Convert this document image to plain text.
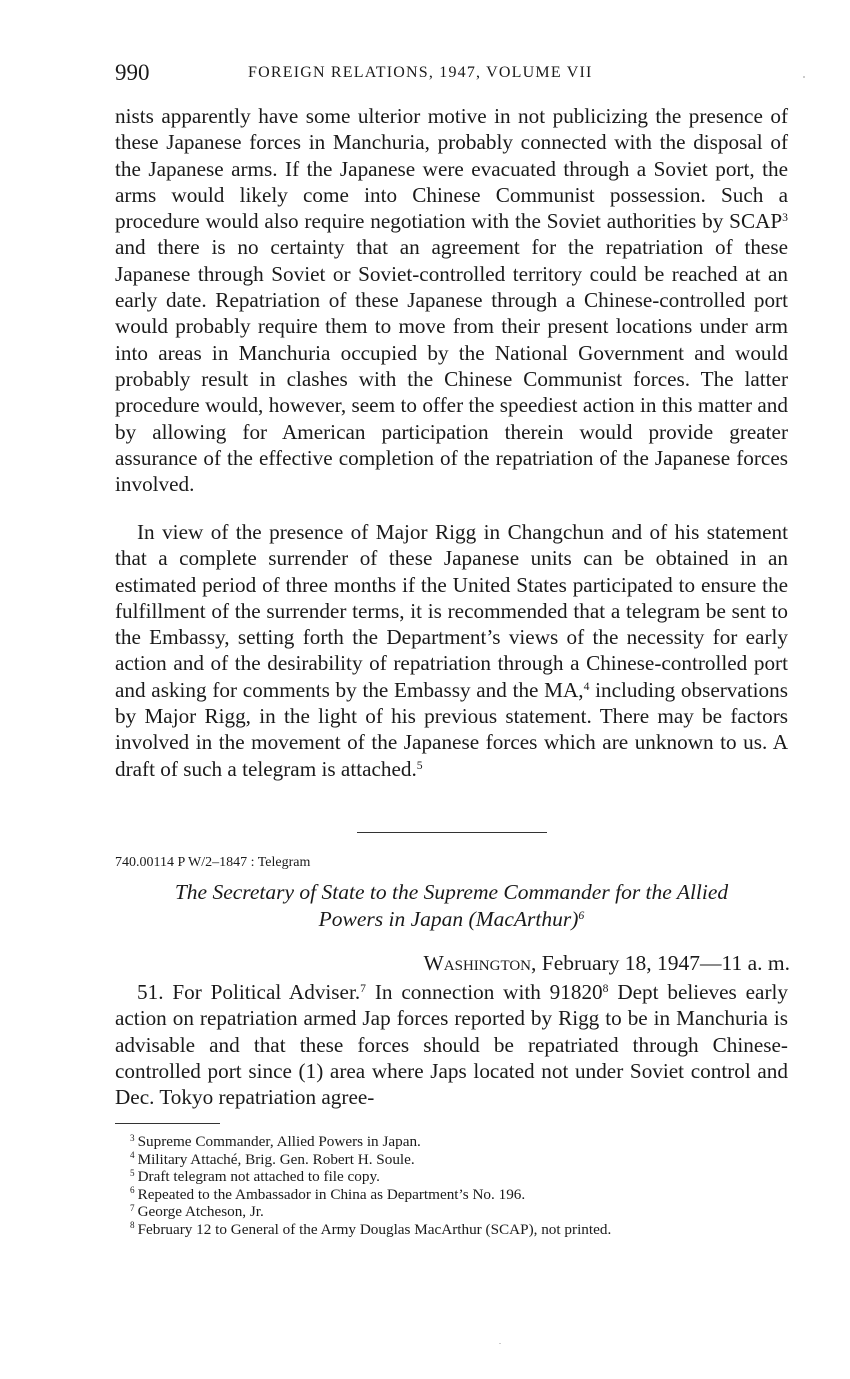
990	FOREIGN RELATIONS, 1947, VOLUME VII

nists apparently have some ulterior motive in not publicizing the presence of these Japanese forces in Manchuria, probably connected with the disposal of the Japanese arms. If the Japanese were evacuated through a Soviet port, the arms would likely come into Chinese Communist possession. Such a procedure would also require negotiation with the Soviet authorities by SCAP$^3$ and there is no certainty that an agreement for the repatriation of these Japanese through Soviet or Soviet-controlled territory could be reached at an early date. Repatriation of these Japanese through a Chinese-controlled port would probably require them to move from their present locations under arm into areas in Manchuria occupied by the National Government and would probably result in clashes with the Chinese Communist forces. The latter procedure would, however, seem to offer the speediest action in this matter and by allowing for American participation therein would provide greater assurance of the effective completion of the repatriation of the Japanese forces involved.

In view of the presence of Major Rigg in Changchun and of his statement that a complete surrender of these Japanese units can be obtained in an estimated period of three months if the United States participated to ensure the fulfillment of the surrender terms, it is recommended that a telegram be sent to the Embassy, setting forth the Department’s views of the necessity for early action and of the desirability of repatriation through a Chinese-controlled port and asking for comments by the Embassy and the MA,$^4$ including observations by Major Rigg, in the light of his previous statement. There may be factors involved in the movement of the Japanese forces which are unknown to us. A draft of such a telegram is attached.$^5$

740.00114 P W/2–1847 : Telegram

The Secretary of State to the Supreme Commander for the Allied
Powers in Japan (MacArthur)$^6$

Washington, February 18, 1947—11 a. m.

51. For Political Adviser.$^7$ In connection with 91820$^8$ Dept believes early action on repatriation armed Jap forces reported by Rigg to be in Manchuria is advisable and that these forces should be repatriated through Chinese-controlled port since (1) area where Japs located not under Soviet control and Dec. Tokyo repatriation agree-

$^3$ Supreme Commander, Allied Powers in Japan.
$^4$ Military Attaché, Brig. Gen. Robert H. Soule.
$^5$ Draft telegram not attached to file copy.
$^6$ Repeated to the Ambassador in China as Department’s No. 196.
$^7$ George Atcheson, Jr.
$^8$ February 12 to General of the Army Douglas MacArthur (SCAP), not printed.
